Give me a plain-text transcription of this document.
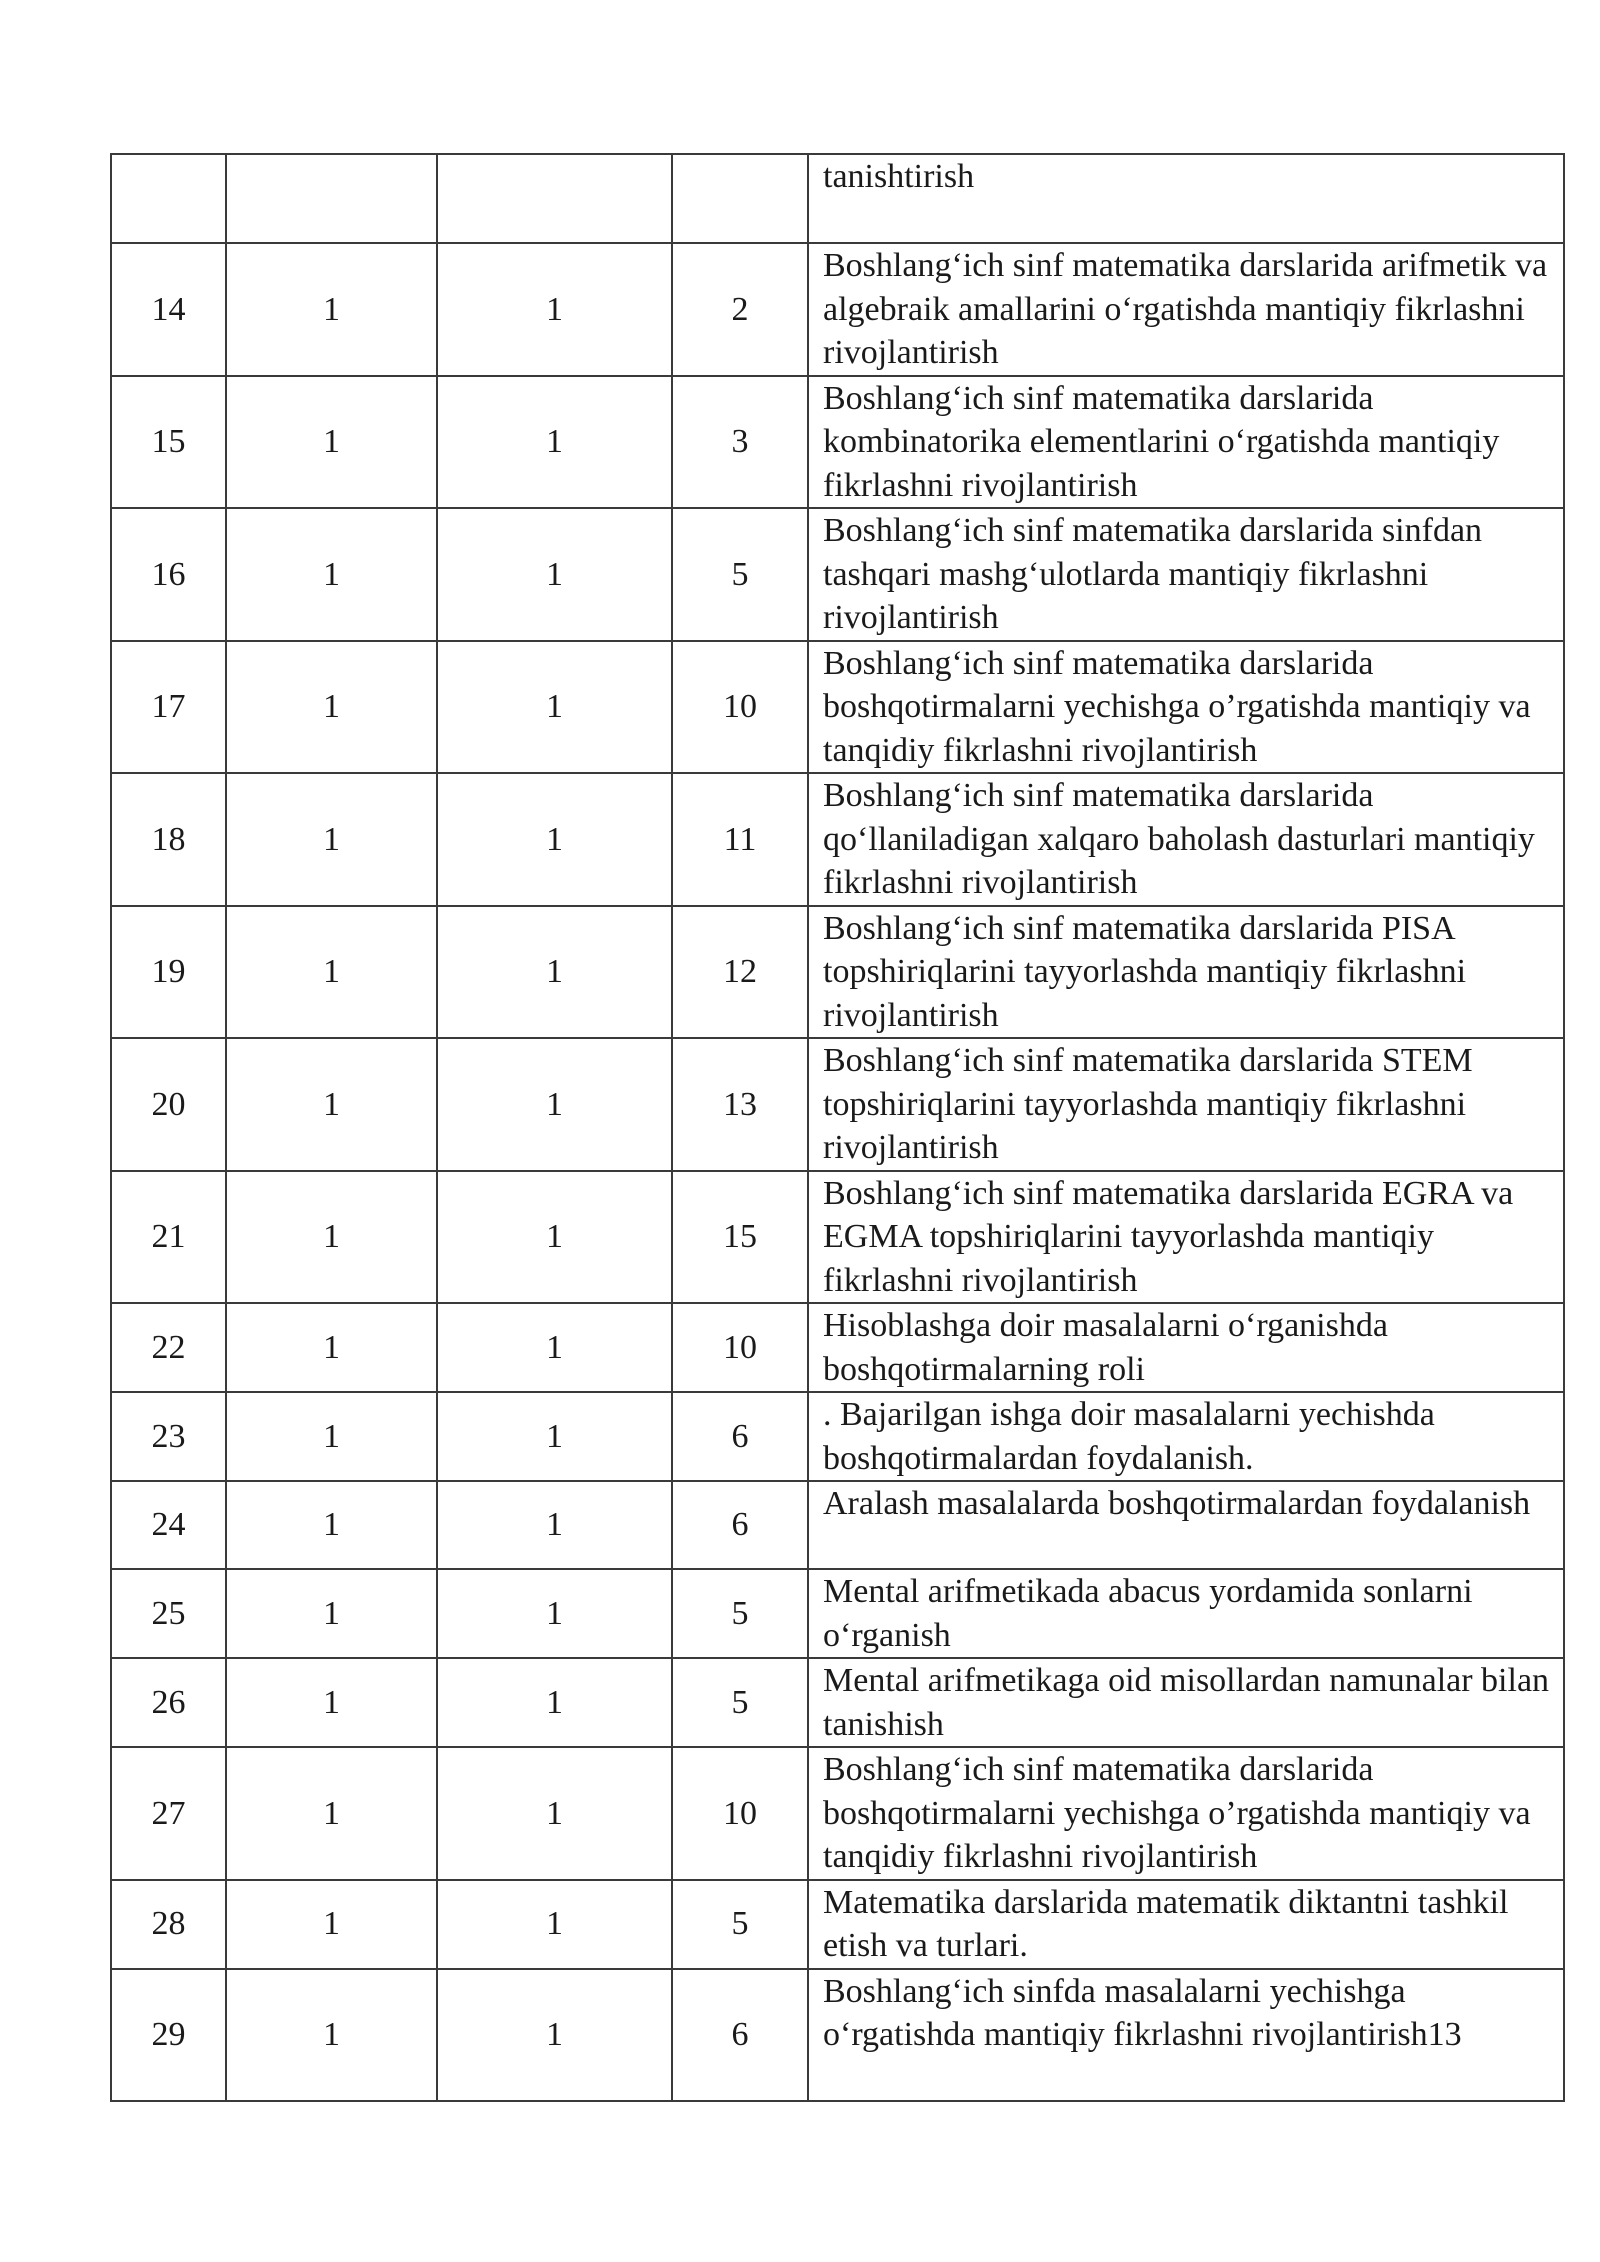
				tanishtirish
14	1	1	2	Boshlang‘ich sinf matematika darslarida arifmetik va algebraik amallarini o‘rgatishda mantiqiy fikrlashni rivojlantirish
15	1	1	3	Boshlang‘ich sinf matematika darslarida kombinatorika elementlarini o‘rgatishda mantiqiy fikrlashni rivojlantirish
16	1	1	5	Boshlang‘ich sinf matematika darslarida sinfdan tashqari mashg‘ulotlarda mantiqiy fikrlashni rivojlantirish
17	1	1	10	Boshlang‘ich sinf matematika darslarida boshqotirmalarni yechishga o’rgatishda mantiqiy va tanqidiy fikrlashni rivojlantirish
18	1	1	11	Boshlang‘ich sinf matematika darslarida qo‘llaniladigan xalqaro baholash dasturlari mantiqiy fikrlashni rivojlantirish
19	1	1	12	Boshlang‘ich sinf matematika darslarida PISA topshiriqlarini tayyorlashda mantiqiy fikrlashni rivojlantirish
20	1	1	13	Boshlang‘ich sinf matematika darslarida STEM topshiriqlarini tayyorlashda mantiqiy fikrlashni rivojlantirish
21	1	1	15	Boshlang‘ich sinf matematika darslarida EGRA va EGMA topshiriqlarini tayyorlashda mantiqiy fikrlashni rivojlantirish
22	1	1	10	Hisoblashga doir masalalarni o‘rganishda boshqotirmalarning roli
23	1	1	6	. Bajarilgan ishga doir masalalarni yechishda boshqotirmalardan foydalanish.
24	1	1	6	Aralash masalalarda boshqotirmalardan foydalanish
25	1	1	5	Mental arifmetikada abacus yordamida sonlarni o‘rganish
26	1	1	5	Mental arifmetikaga oid misollardan namunalar bilan tanishish
27	1	1	10	Boshlang‘ich sinf matematika darslarida boshqotirmalarni yechishga o’rgatishda mantiqiy va tanqidiy fikrlashni rivojlantirish
28	1	1	5	Matematika darslarida matematik diktantni tashkil etish va turlari.
29	1	1	6	Boshlang‘ich sinfda masalalarni yechishga o‘rgatishda mantiqiy fikrlashni rivojlantirish13
